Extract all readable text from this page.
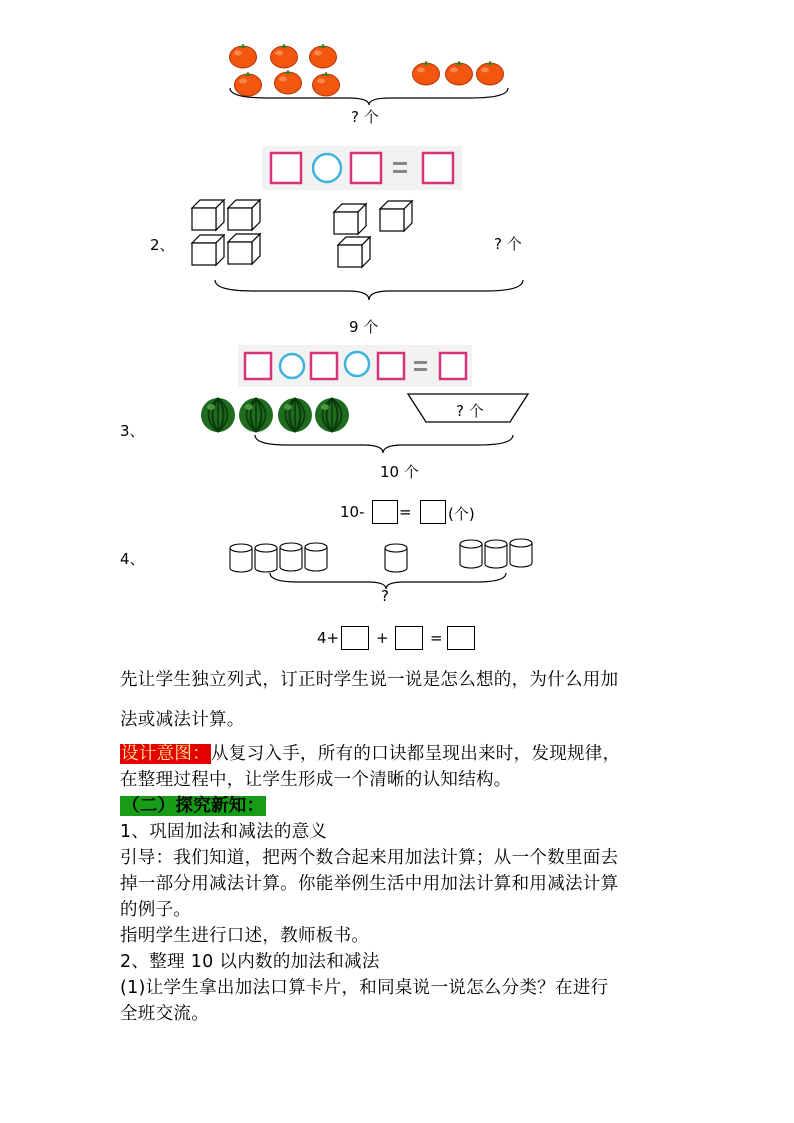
? 个
2、	? 个
9 个
3、
? 个
10 个
10- = (个)
4、
?
4+ +	=
先让学生独立列式，订正时学生说一说是怎么想的，为什么用加
法或减法计算。
设计意图：从复习入手，所有的口诀都呈现出来时，发现规律，
在整理过程中，让学生形成一个清晰的认知结构。
（二）探究新知：
1、巩固加法和减法的意义
引导：我们知道，把两个数合起来用加法计算；从一个数里面去
掉一部分用减法计算。你能举例生活中用加法计算和用减法计算
的例子。
指明学生进行口述，教师板书。
2、整理 10 以内数的加法和减法
(1)让学生拿出加法口算卡片，和同桌说一说怎么分类？在进行
全班交流。
